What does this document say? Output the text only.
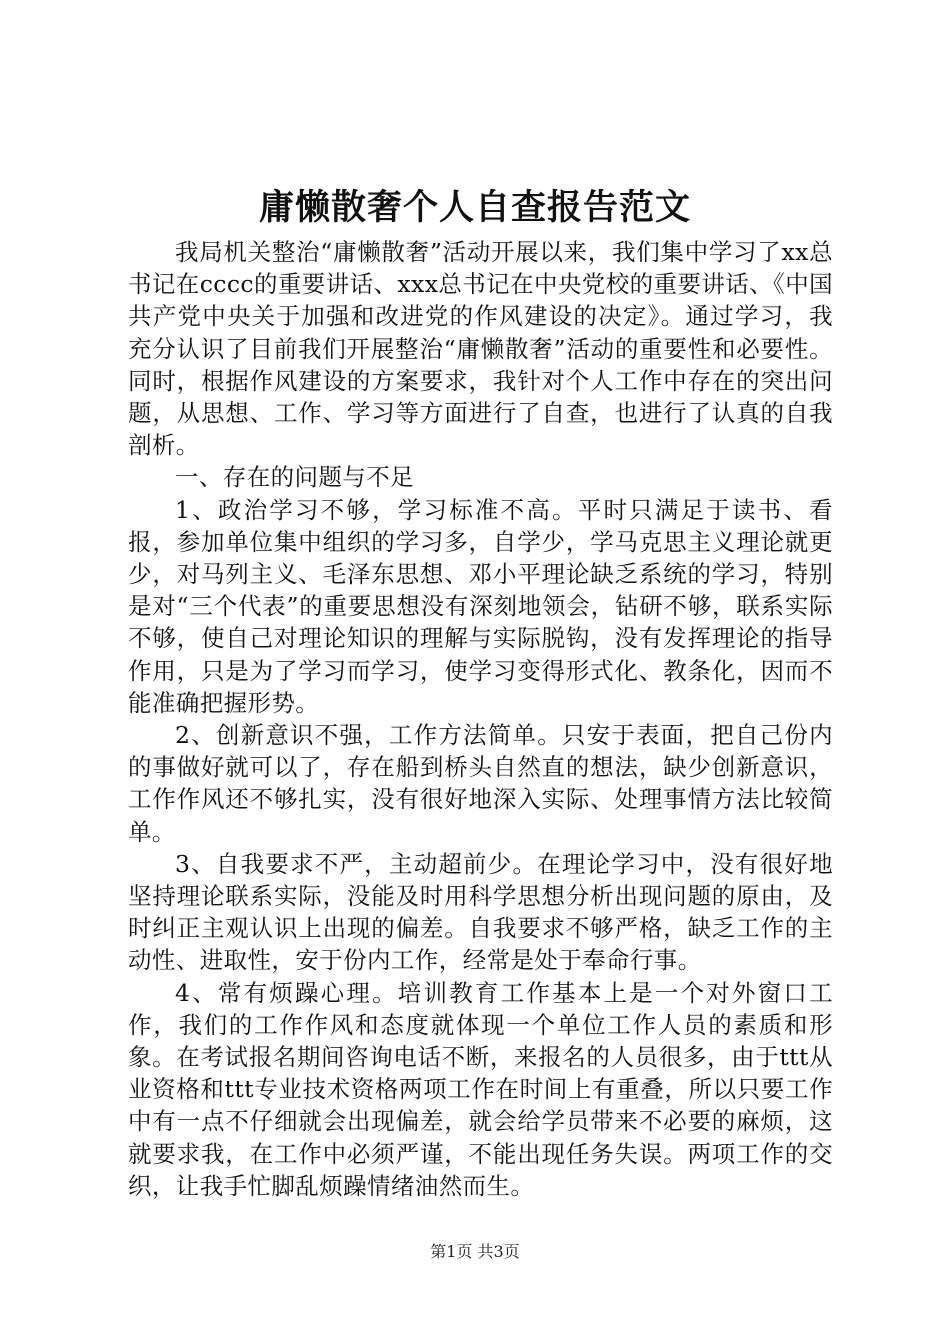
庸懒散奢个人自查报告范文

我局机关整治“庸懒散奢”活动开展以来，我们集中学习了xx总书记在cccc的重要讲话、xxx总书记在中央党校的重要讲话、《中国共产党中央关于加强和改进党的作风建设的决定》。通过学习，我充分认识了目前我们开展整治“庸懒散奢”活动的重要性和必要性。同时，根据作风建设的方案要求，我针对个人工作中存在的突出问题，从思想、工作、学习等方面进行了自查，也进行了认真的自我剖析。

一、存在的问题与不足

1、政治学习不够，学习标准不高。平时只满足于读书、看报，参加单位集中组织的学习多，自学少，学马克思主义理论就更少，对马列主义、毛泽东思想、邓小平理论缺乏系统的学习，特别是对“三个代表”的重要思想没有深刻地领会，钻研不够，联系实际不够，使自己对理论知识的理解与实际脱钩，没有发挥理论的指导作用，只是为了学习而学习，使学习变得形式化、教条化，因而不能准确把握形势。

2、创新意识不强，工作方法简单。只安于表面，把自己份内的事做好就可以了，存在船到桥头自然直的想法，缺少创新意识，工作作风还不够扎实，没有很好地深入实际、处理事情方法比较简单。

3、自我要求不严，主动超前少。在理论学习中，没有很好地坚持理论联系实际，没能及时用科学思想分析出现问题的原由，及时纠正主观认识上出现的偏差。自我要求不够严格，缺乏工作的主动性、进取性，安于份内工作，经常是处于奉命行事。

4、常有烦躁心理。培训教育工作基本上是一个对外窗口工作，我们的工作作风和态度就体现一个单位工作人员的素质和形象。在考试报名期间咨询电话不断，来报名的人员很多，由于ttt从业资格和ttt专业技术资格两项工作在时间上有重叠，所以只要工作中有一点不仔细就会出现偏差，就会给学员带来不必要的麻烦，这就要求我，在工作中必须严谨，不能出现任务失误。两项工作的交织，让我手忙脚乱烦躁情绪油然而生。

第1页 共3页
